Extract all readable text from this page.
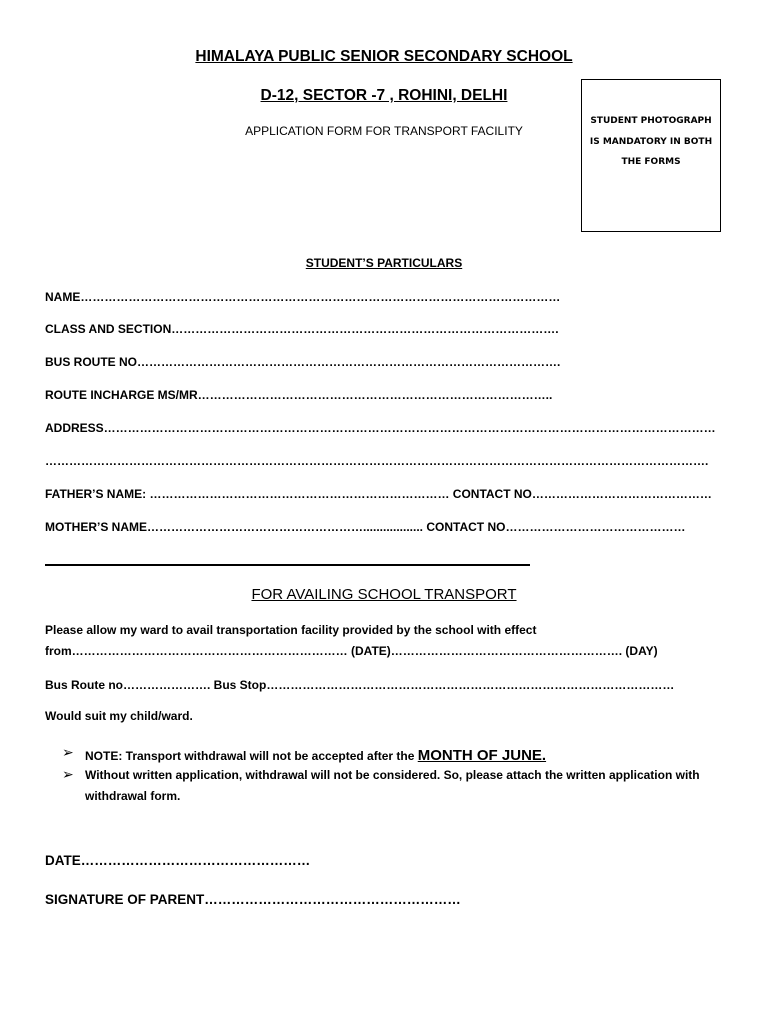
HIMALAYA PUBLIC SENIOR SECONDARY SCHOOL
D-12, SECTOR -7 , ROHINI, DELHI
APPLICATION FORM FOR TRANSPORT FACILITY
STUDENT PHOTOGRAPH
IS MANDATORY IN BOTH
THE FORMS
STUDENT’S PARTICULARS
NAME…………………………………………………………………………………………………………
CLASS AND SECTION…………………………………………………………………………………….
BUS ROUTE NO…………………………………………………………………………………………….
ROUTE INCHARGE MS/MR……………………………………………………………………………..
ADDRESS………………………………………………………………………………………………………………………………………
………………………………………………………………………………………………………………………………………………….
FATHER’S NAME: ………………………………………………………………… CONTACT NO………………………………………
MOTHER’S NAME……………………………………………….................. CONTACT NO………………………………………
FOR AVAILING SCHOOL TRANSPORT
Please allow my ward to avail transportation facility provided by the school with effect
from…………………………………………………………… (DATE)…………………………………………………. (DAY)
Bus Route no…………………. Bus Stop…………………………………………………………………………………………
Would suit my child/ward.
➢ NOTE: Transport withdrawal will not be accepted after the MONTH OF JUNE.
➢ Without written application, withdrawal will not be considered. So, please attach the written application with
withdrawal form.
DATE……………………………………………
SIGNATURE OF PARENT…………………………………………………
